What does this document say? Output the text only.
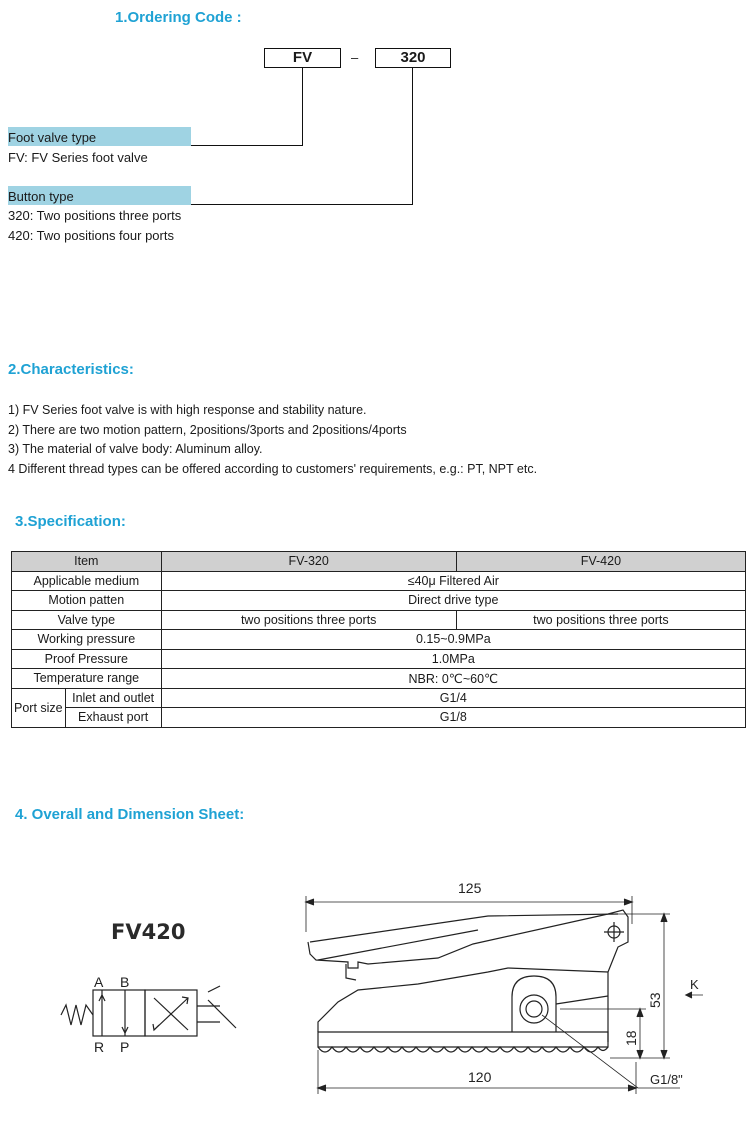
1.Ordering Code :
FV	–	320
Foot valve type
FV: FV Series foot valve
Button type
320: Two positions three ports
420: Two positions four ports
2.Characteristics:
1) FV Series foot valve is with high response and stability nature.
2) There are two motion pattern, 2positions/3ports and 2positions/4ports
3) The material of valve body: Aluminum alloy.
4 Different thread types can be offered according to customers' requirements, e.g.: PT, NPT etc.
3.Specification:
Item		FV-320	FV-420
Applicable medium		≤40μ Filtered Air	
Motion patten		Direct drive type	
Valve type		two positions three ports	two positions three ports
Working pressure		0.15~0.9MPa	
Proof Pressure		1.0MPa	
Temperature range		NBR: 0℃~60℃	
Port size	Inlet and outlet	G1/4	
	Exhaust port	G1/8	
4. Overall and Dimension Sheet:
FV420
A B
R P
125
120
53
18
K
G1/8"
